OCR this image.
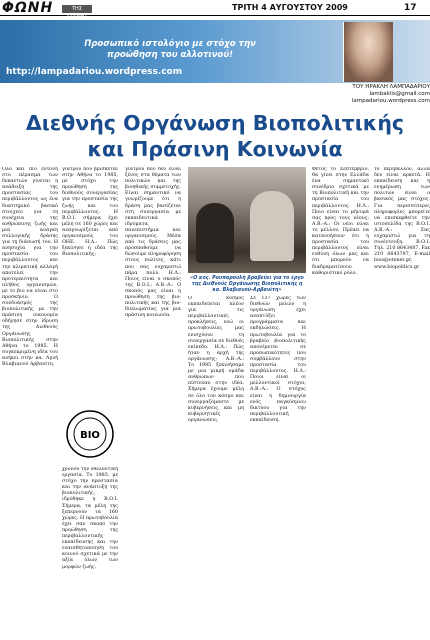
ΦΩΝΗ	ΤΗΣ ΞΑΝΘΗΣ
ΤΡΙΤΗ 4 ΑΥΓΟΥΣΤΟΥ 2009	17
Προσωπικό ιστολόγιο με στόχο την
προώθηση του αλλοτινού!
http://lampadariou.wordpress.com
ΤΟΥ ΗΡΑΚΛΗ ΛΑΜΠΑΔΑΡΙΟΥ
lambaklis@gmail.com
lampadariou.wordpress.com
Διεθνής Οργάνωση Βιοπολιτικής
και Πράσινη Κοινωνία

Όλο και πιο έντονη στο πέρασμα των δεκαετιών γίνεται η ανάδειξη της προστασίας του περιβάλλοντος ως ένα διαστημικό βασικό στοιχείο για τη συνέχεια της ανθρώπινης ζωής και μια ανάγκη συλλογικής δράσης για τη διάσωσή του. Η ανησυχία για την προστασία του περιβάλλοντος και την κλιματική αλλαγή αποτελεί την προτεραιότητα και πλήθος οργανισμών, με το βιο να είναι στο προσκήνιο. Ο συνδυασμός της βιοπολιτικής με την πράσινη οικονομία οδήγησε στην ίδρυση της Διεθνούς Οργάνωσης Βιοπολιτικής στην Αθήνα το 1985. Η συγκεκριμένη ιδέα του ανήκει στην κα. Αγνή Βλαβιανού Αρβανίτη.

γιατρού που βρίσκεται στην Αθήνα το 1985, με στόχο την προώθηση της διεθνούς συνεργασίας για την προστασία της ζωής και του περιβάλλοντος. Η Β.Ο.Ι. σήμερα έχει μέλη σε 160 χώρες και αναγνωρίζεται από οργανισμούς του ΟΗΕ. Η.Λ.: Πώς ξεκίνησε η ιδέα της Βιοπολιτικής;

BIO

χρόνου την εθελοντική εργασία. Το 1985, με στόχο την προστασία και την ανάπτυξη της βιοπολιτικής, ιδρύθηκε η Β.Ο.Ι. Σήμερα, τα μέλη της ξεπερνούν τα 160 χώρες. Η πρωτοβουλία έχει σαν σκοπό την προώθηση της περιβαλλοντικής εκπαίδευσης και την ευαισθητοποίηση του κοινού σχετικά με την αξία όλων των μορφών ζωής.

γιατρού που δεν είναι ξένος στα θέματα των πολιτικών και της βιοηθικής συμμετοχής. Είναι σημαντικό να γνωρίζουμε ότι η δράση μας βασίζεται στη συνεργασία με εκπαιδευτικά ιδρύματα, πανεπιστήμια και οργανισμούς. Μέσα από τις δράσεις μας προσπαθούμε να δώσουμε πληροφόρηση στους πολίτες, κάτι που σας ευχαριστώ πάρα πολύ. Η.Λ.: Ποιος είναι ο σκοπός της Β.Ο.Ι.; Α.Β.-Α.: Ο σκοπός μας είναι η προώθηση της βιο-πολιτικής και της βιο-διπλωματίας για μια πράσινη κοινωνία.

«Ο κος. Ρουπαρουλή βραβεύει για το έργο της Διεθνούς Οργάνωσης Βιοπολιτικής η κα. Βλαβιανού-Αρβανίτη»

Ο κόσμος εκπαιδεύεται πλέον για τις περιβαλλοντικές προκλήσεις, ενώ οι πρωτοβουλίες μας ενισχύουν τη συνεργασία σε διεθνές επίπεδο. Η.Λ.: Πώς ήταν η αρχή της οργάνωσης; Α.Β.-Α.: Το 1985 ξεκινήσαμε με μια μικρή ομάδα ανθρώπων που πίστευαν στην ιδέα. Σήμερα έχουμε μέλη σε όλο τον κόσμο και συνεργαζόμαστε με κυβερνήσεις και μη κυβερνητικές οργανώσεις.

Σε 137 χώρες των διεθνών μελών η οργάνωση έχει αναπτύξει προγράμματα και εκδηλώσεις. Η πρωτοβουλία για το βραβείο βιοπολιτικής απονέμεται σε προσωπικότητες που συμβάλλουν στην προστασία του περιβάλλοντος. Η.Λ.: Ποιοι είναι οι μελλοντικοί στόχοι; Α.Β.-Α.: Ο στόχος είναι η δημιουργία ενός παγκόσμιου δικτύου για την περιβαλλοντική εκπαίδευση.

Φέτος το Σεπτέμβριο, θα γίνει στην Ελλάδα ένα σημαντικό συνέδριο σχετικά με τη Βιοπολιτική και την προστασία του περιβάλλοντος. Η.Λ.: Ποιο είναι το μήνυμά σας προς τους νέους; Α.Β.-Α.: Οι νέοι είναι το μέλλον. Πρέπει να κατανοήσουν ότι η προστασία του περιβάλλοντος είναι ευθύνη όλων μας και ότι μπορούν να διαδραματίσουν καθοριστικό ρόλο.

το περιβάλλον, αλλά δεν είναι αρκετά. Η εκπαίδευση και η ενημέρωση των πολιτών είναι ο βασικός μας στόχος. Για περισσότερες πληροφορίες μπορείτε να επισκεφθείτε την ιστοσελίδα της Β.Ο.Ι. Α.Β.-Α.: Σας ευχαριστώ για τη συνέντευξη. Β.Ο.Ι. Τηλ. 210 8643487, Fax 210 8643797, E-mail bios@otenet.gr, www.biopolitics.gr
